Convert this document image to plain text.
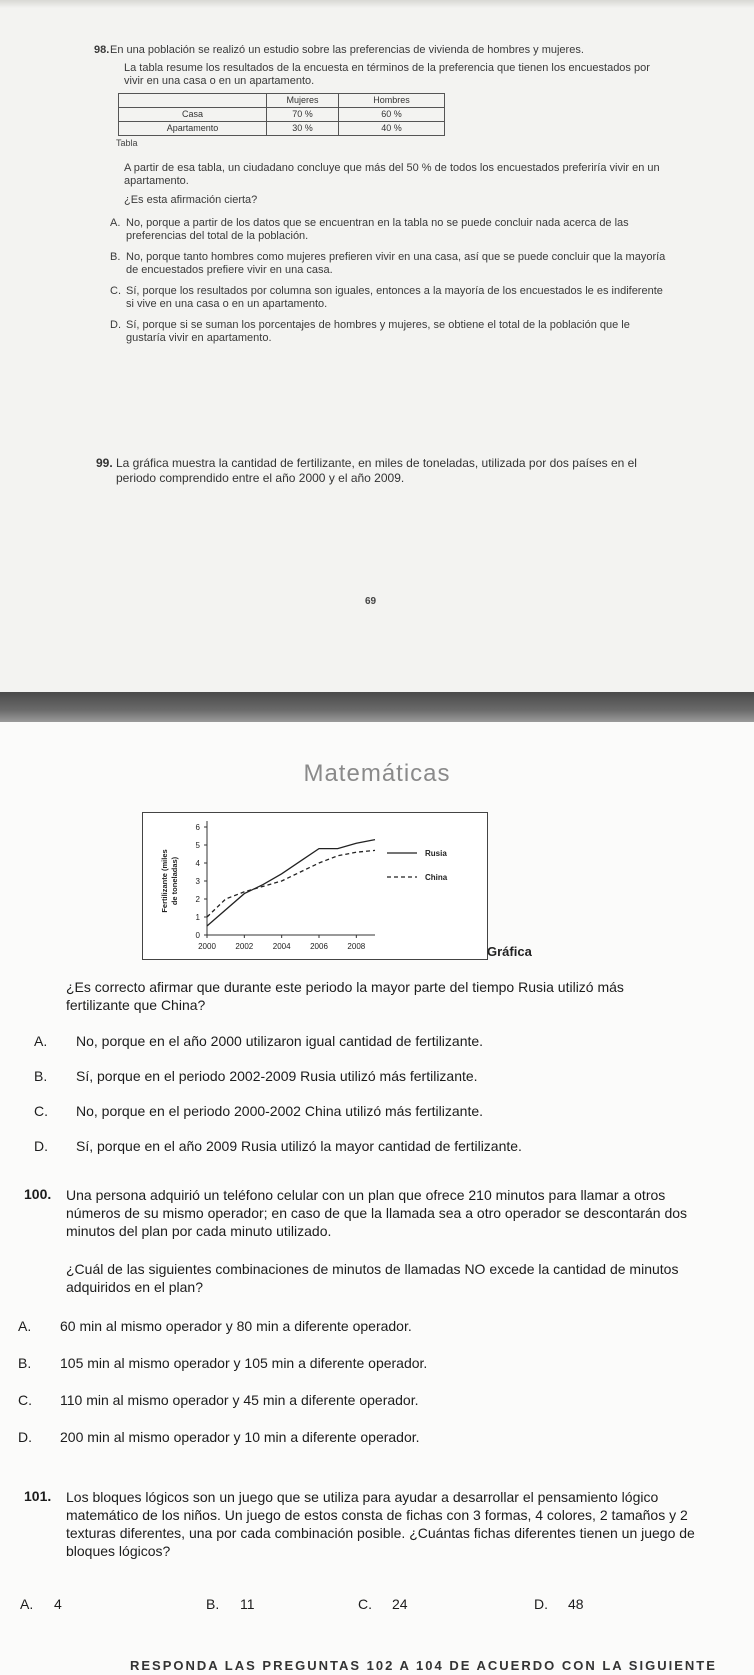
98. En una población se realizó un estudio sobre las preferencias de vivienda de hombres y mujeres.

La tabla resume los resultados de la encuesta en términos de la preferencia que tienen los encuestados por vivir en una casa o en un apartamento.

	Mujeres	Hombres
Casa	70 %	60 %
Apartamento	30 %	40 %
Tabla

A partir de esa tabla, un ciudadano concluye que más del 50 % de todos los encuestados preferiría vivir en un apartamento.

¿Es esta afirmación cierta?

A. No, porque a partir de los datos que se encuentran en la tabla no se puede concluir nada acerca de las preferencias del total de la población.
B. No, porque tanto hombres como mujeres prefieren vivir en una casa, así que se puede concluir que la mayoría de encuestados prefiere vivir en una casa.
C. Sí, porque los resultados por columna son iguales, entonces a la mayoría de los encuestados le es indiferente si vive en una casa o en un apartamento.
D. Sí, porque si se suman los porcentajes de hombres y mujeres, se obtiene el total de la población que le gustaría vivir en apartamento.
99. La gráfica muestra la cantidad de fertilizante, en miles de toneladas, utilizada por dos países en el periodo comprendido entre el año 2000 y el año 2009.
69
Matemáticas
0
1
2
3
4
5
6
2000 2002 2004 2006 2008
Fertilizante (miles de toneladas)
Rusia
China
Gráfica
¿Es correcto afirmar que durante este periodo la mayor parte del tiempo Rusia utilizó más fertilizante que China?
A. No, porque en el año 2000 utilizaron igual cantidad de fertilizante.
B. Sí, porque en el periodo 2002-2009 Rusia utilizó más fertilizante.
C. No, porque en el periodo 2000-2002 China utilizó más fertilizante.
D. Sí, porque en el año 2009 Rusia utilizó la mayor cantidad de fertilizante.
100. Una persona adquirió un teléfono celular con un plan que ofrece 210 minutos para llamar a otros números de su mismo operador; en caso de que la llamada sea a otro operador se descontarán dos minutos del plan por cada minuto utilizado.
¿Cuál de las siguientes combinaciones de minutos de llamadas NO excede la cantidad de minutos adquiridos en el plan?
A. 60 min al mismo operador y 80 min a diferente operador.
B. 105 min al mismo operador y 105 min a diferente operador.
C. 110 min al mismo operador y 45 min a diferente operador.
D. 200 min al mismo operador y 10 min a diferente operador.
101. Los bloques lógicos son un juego que se utiliza para ayudar a desarrollar el pensamiento lógico matemático de los niños. Un juego de estos consta de fichas con 3 formas, 4 colores, 2 tamaños y 2 texturas diferentes, una por cada combinación posible. ¿Cuántas fichas diferentes tienen un juego de bloques lógicos?
A. 4	B. 11	C. 24	D. 48
RESPONDA LAS PREGUNTAS 102 A 104 DE ACUERDO CON LA SIGUIENTE
